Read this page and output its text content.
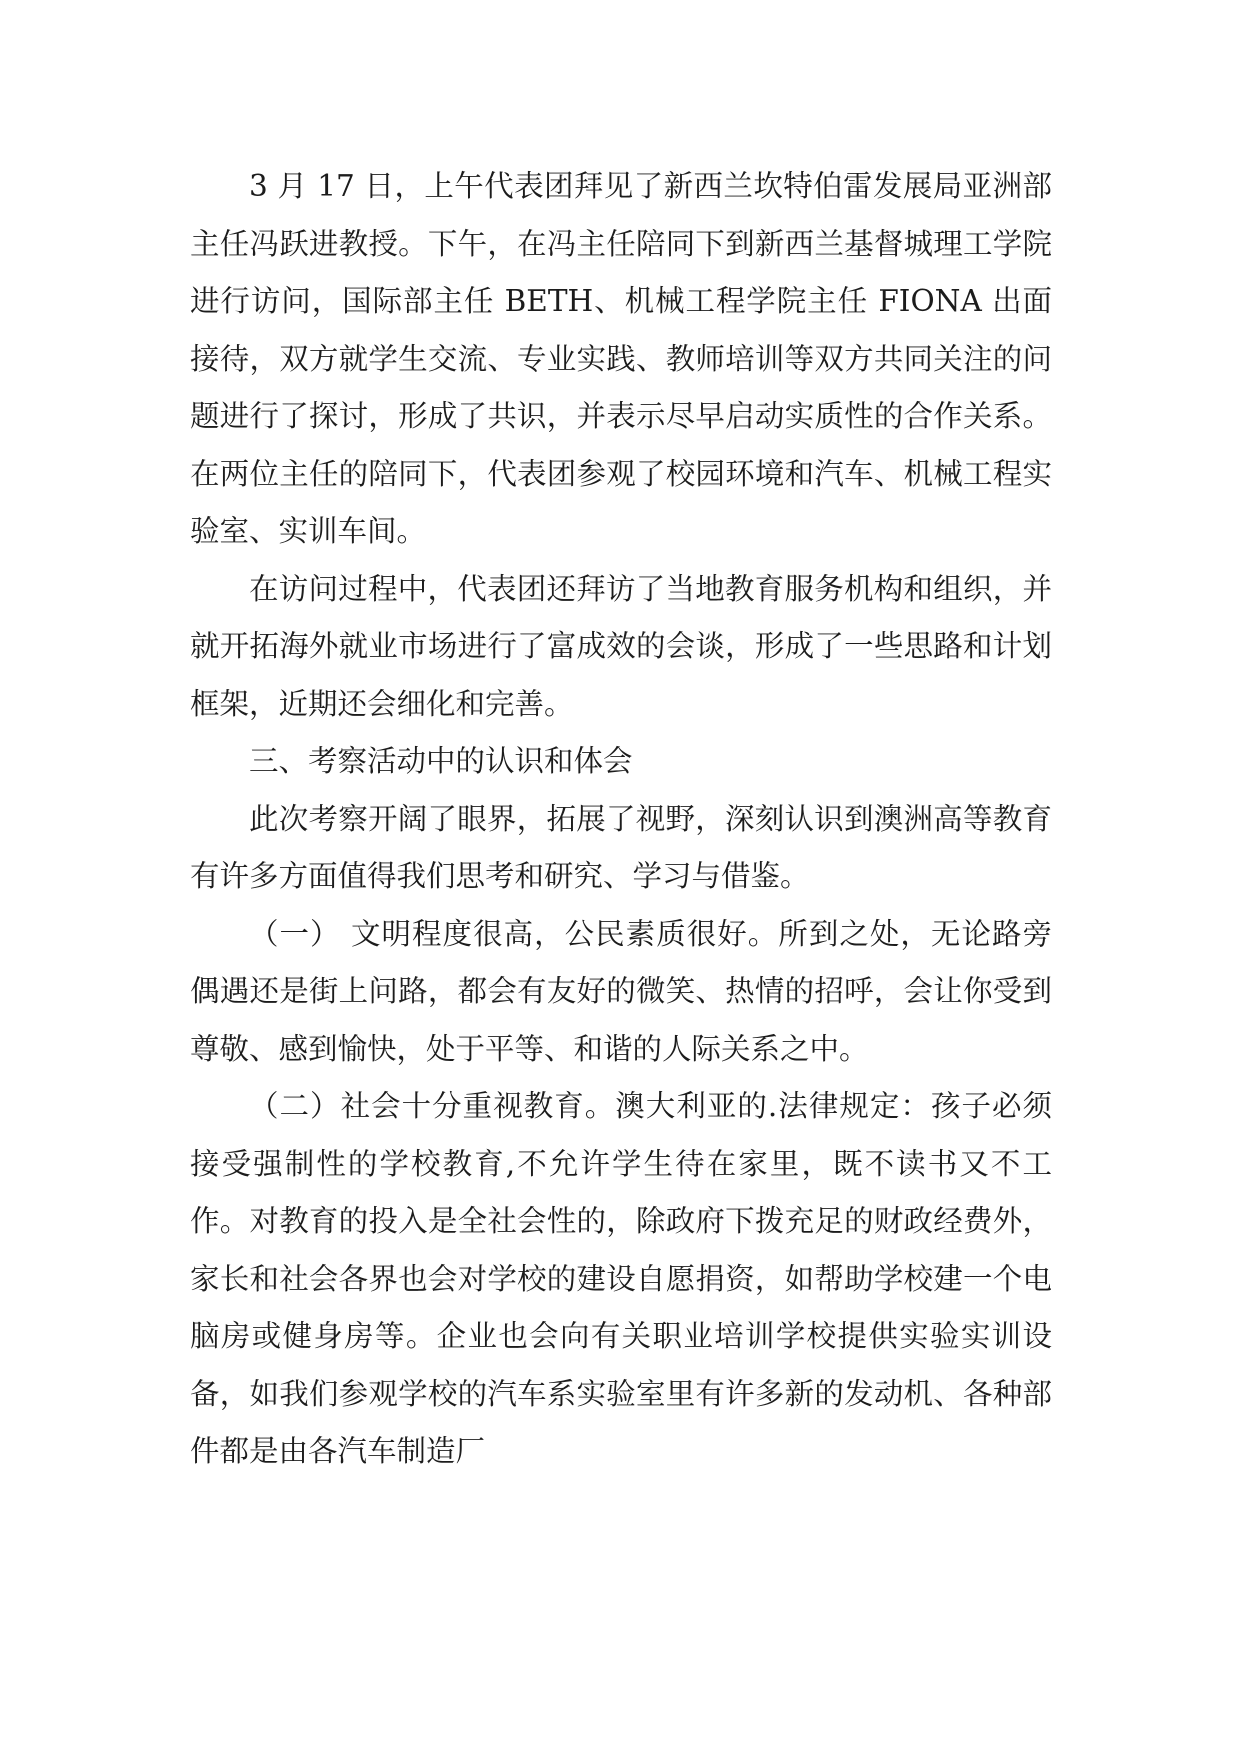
3 月 17 日，上午代表团拜见了新西兰坎特伯雷发展局亚洲部主任冯跃进教授。下午，在冯主任陪同下到新西兰基督城理工学院进行访问，国际部主任 BETH、机械工程学院主任 FIONA 出面接待，双方就学生交流、专业实践、教师培训等双方共同关注的问题进行了探讨，形成了共识，并表示尽早启动实质性的合作关系。在两位主任的陪同下，代表团参观了校园环境和汽车、机械工程实验室、实训车间。

在访问过程中，代表团还拜访了当地教育服务机构和组织，并就开拓海外就业市场进行了富成效的会谈，形成了一些思路和计划框架，近期还会细化和完善。

三、考察活动中的认识和体会

此次考察开阔了眼界，拓展了视野，深刻认识到澳洲高等教育有许多方面值得我们思考和研究、学习与借鉴。

（一） 文明程度很高，公民素质很好。所到之处，无论路旁偶遇还是街上问路，都会有友好的微笑、热情的招呼，会让你受到尊敬、感到愉快，处于平等、和谐的人际关系之中。

（二）社会十分重视教育。澳大利亚的.法律规定：孩子必须接受强制性的学校教育,不允许学生待在家里，既不读书又不工作。对教育的投入是全社会性的，除政府下拨充足的财政经费外，家长和社会各界也会对学校的建设自愿捐资，如帮助学校建一个电脑房或健身房等。企业也会向有关职业培训学校提供实验实训设备，如我们参观学校的汽车系实验室里有许多新的发动机、各种部件都是由各汽车制造厂
